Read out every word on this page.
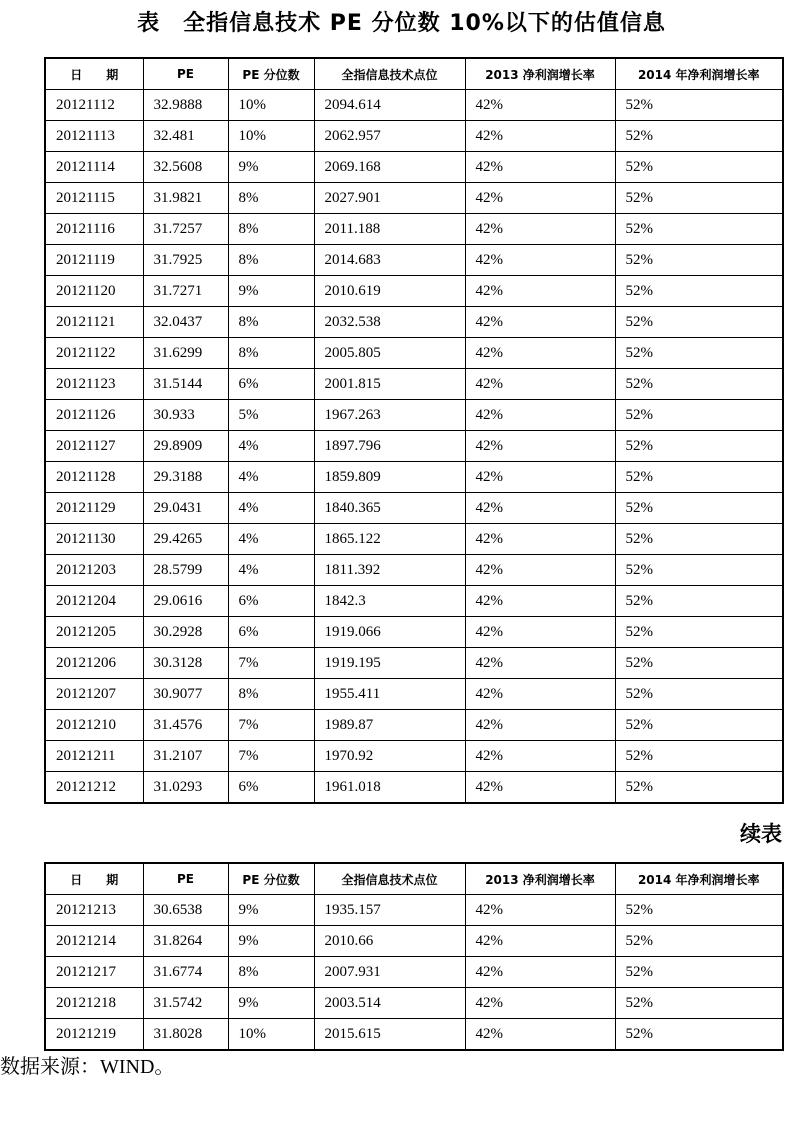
表　全指信息技术 PE 分位数 10%以下的估值信息
日　　期	PE	PE 分位数	全指信息技术点位	2013 净利润增长率	2014 年净利润增长率
20121112	32.9888	10%	2094.614	42%	52%
20121113	32.481	10%	2062.957	42%	52%
20121114	32.5608	9%	2069.168	42%	52%
20121115	31.9821	8%	2027.901	42%	52%
20121116	31.7257	8%	2011.188	42%	52%
20121119	31.7925	8%	2014.683	42%	52%
20121120	31.7271	9%	2010.619	42%	52%
20121121	32.0437	8%	2032.538	42%	52%
20121122	31.6299	8%	2005.805	42%	52%
20121123	31.5144	6%	2001.815	42%	52%
20121126	30.933	5%	1967.263	42%	52%
20121127	29.8909	4%	1897.796	42%	52%
20121128	29.3188	4%	1859.809	42%	52%
20121129	29.0431	4%	1840.365	42%	52%
20121130	29.4265	4%	1865.122	42%	52%
20121203	28.5799	4%	1811.392	42%	52%
20121204	29.0616	6%	1842.3	42%	52%
20121205	30.2928	6%	1919.066	42%	52%
20121206	30.3128	7%	1919.195	42%	52%
20121207	30.9077	8%	1955.411	42%	52%
20121210	31.4576	7%	1989.87	42%	52%
20121211	31.2107	7%	1970.92	42%	52%
20121212	31.0293	6%	1961.018	42%	52%
续表
日　　期	PE	PE 分位数	全指信息技术点位	2013 净利润增长率	2014 年净利润增长率
20121213	30.6538	9%	1935.157	42%	52%
20121214	31.8264	9%	2010.66	42%	52%
20121217	31.6774	8%	2007.931	42%	52%
20121218	31.5742	9%	2003.514	42%	52%
20121219	31.8028	10%	2015.615	42%	52%
数据来源：WIND。
